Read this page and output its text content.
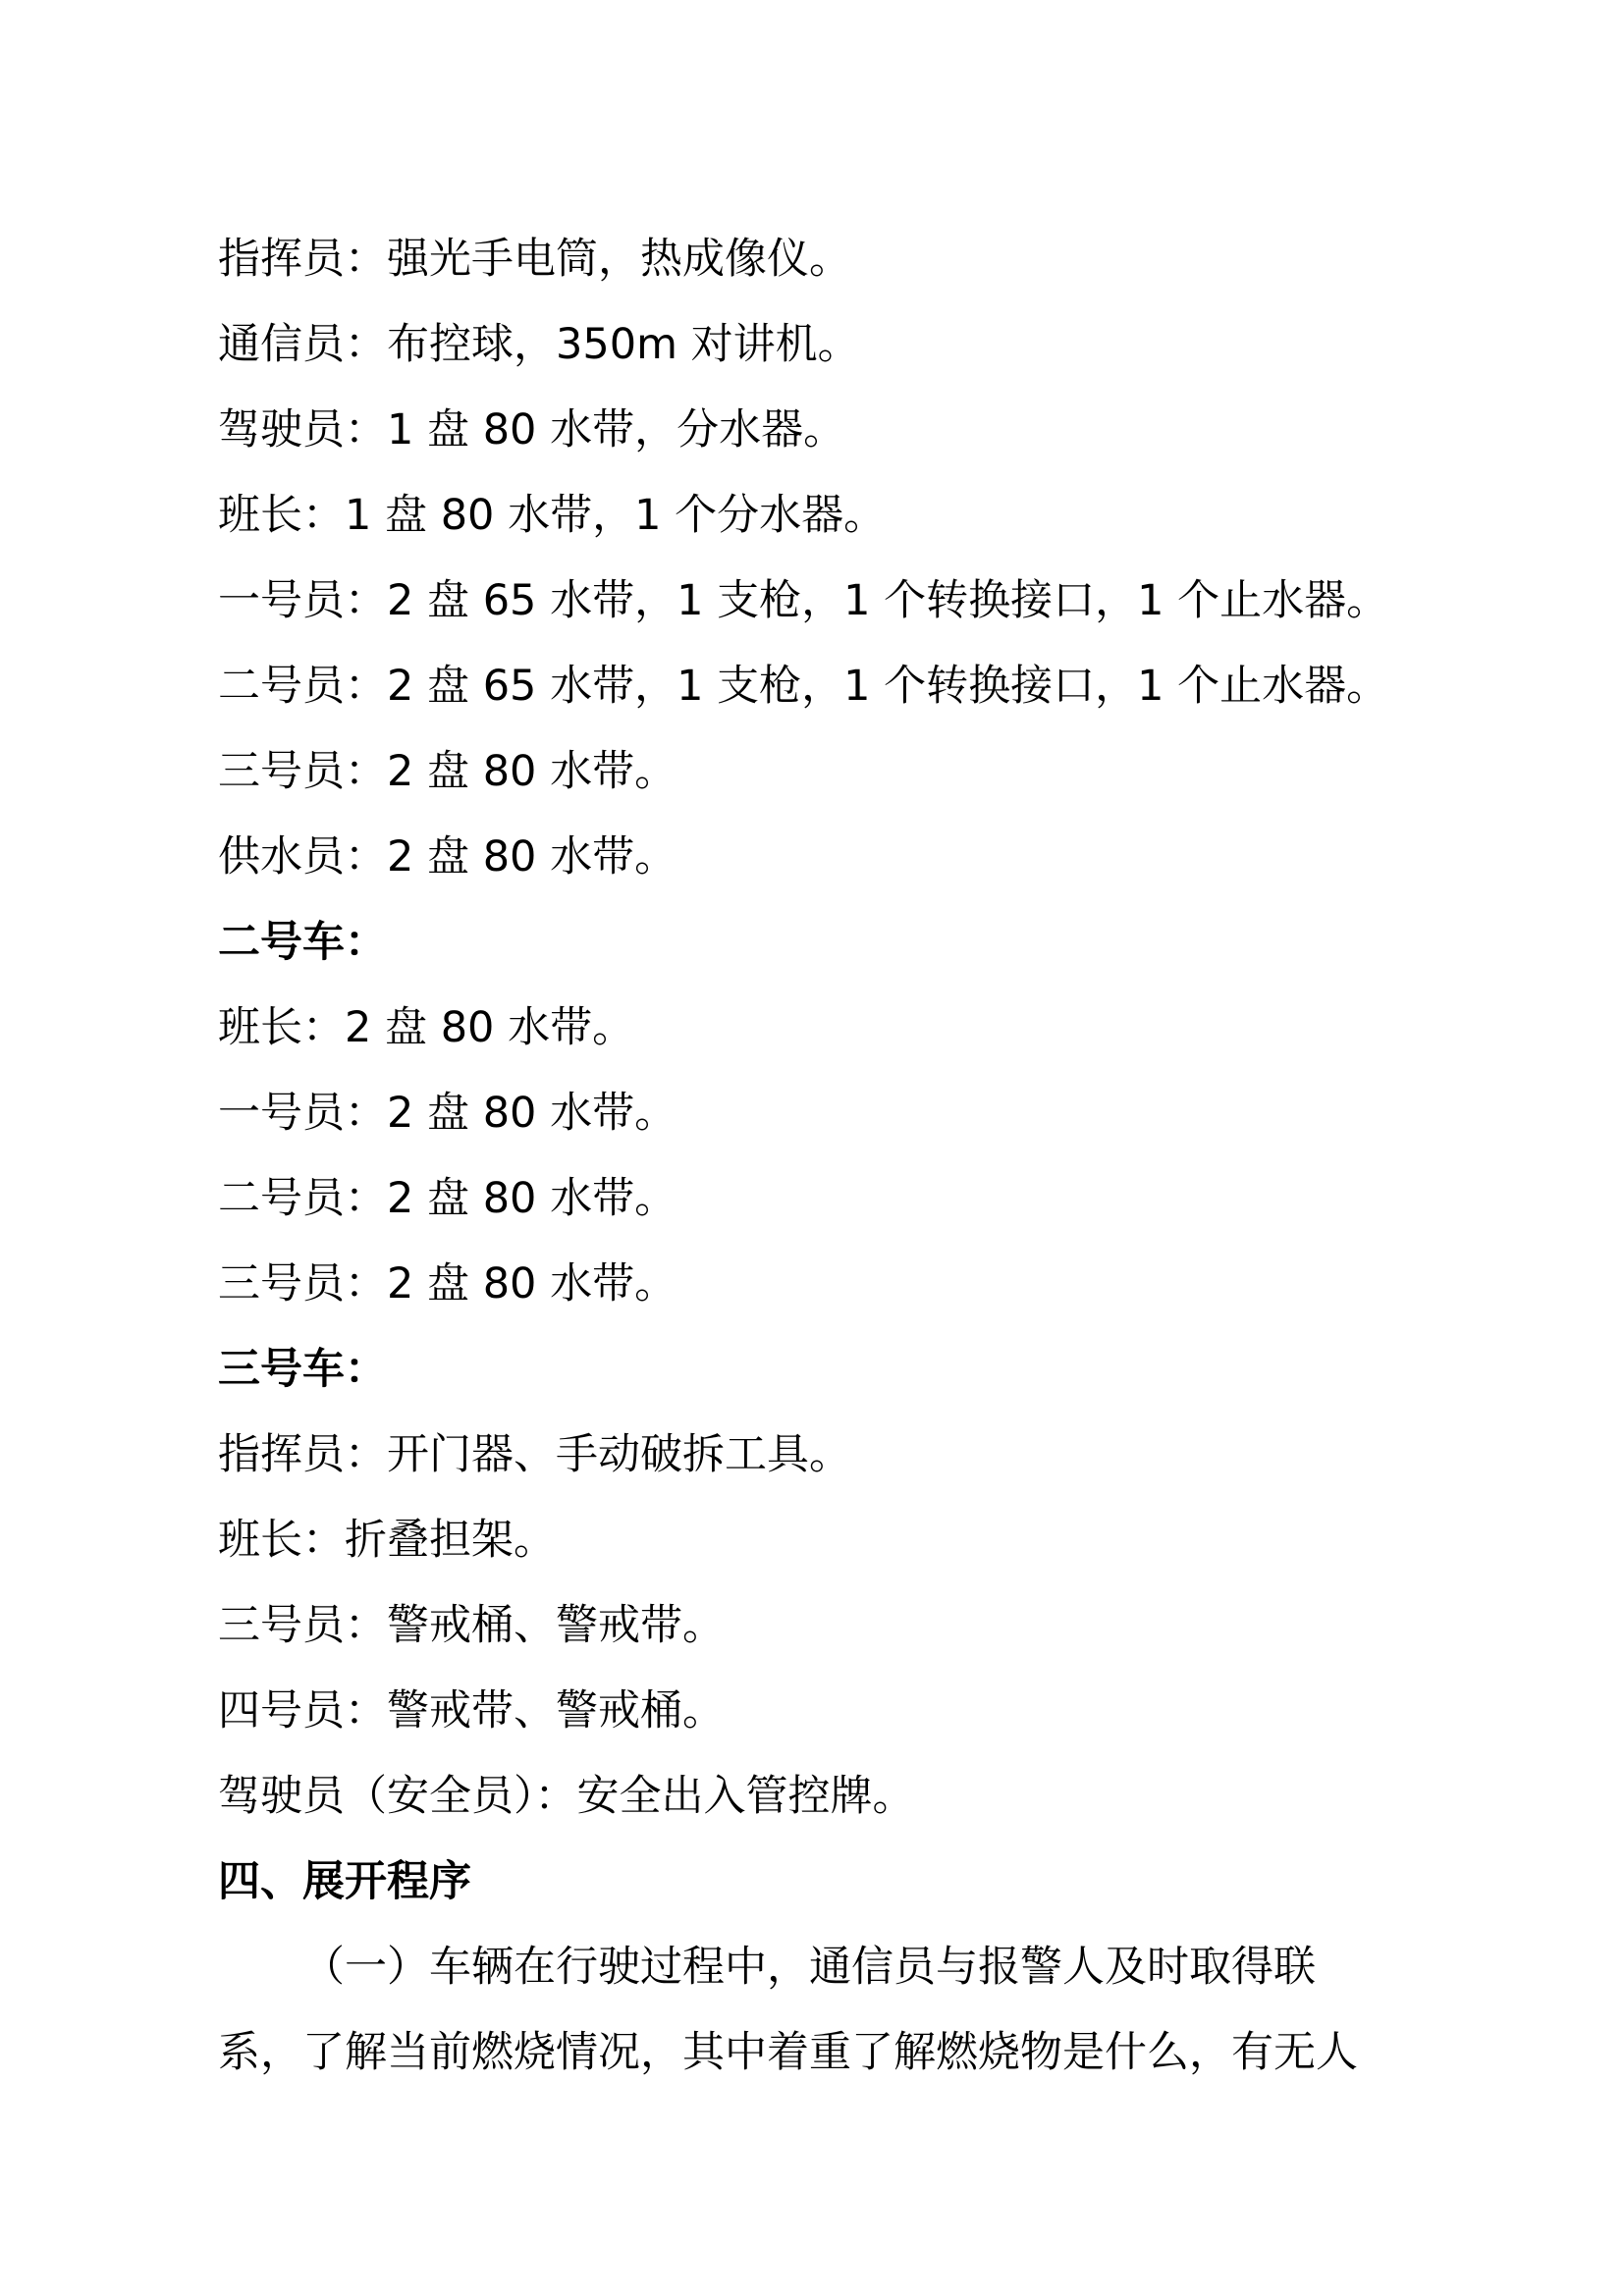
指挥员：强光手电筒，热成像仪。
通信员：布控球，350m 对讲机。
驾驶员：1 盘 80 水带，分水器。
班长：1 盘 80 水带，1 个分水器。
一号员：2 盘 65 水带，1 支枪，1 个转换接口，1 个止水器。
二号员：2 盘 65 水带，1 支枪，1 个转换接口，1 个止水器。
三号员：2 盘 80 水带。
供水员：2 盘 80 水带。
二号车：
班长：2 盘 80 水带。
一号员：2 盘 80 水带。
二号员：2 盘 80 水带。
三号员：2 盘 80 水带。
三号车：
指挥员：开门器、手动破拆工具。
班长：折叠担架。
三号员：警戒桶、警戒带。
四号员：警戒带、警戒桶。
驾驶员（安全员）：安全出入管控牌。
四、展开程序
（一）车辆在行驶过程中，通信员与报警人及时取得联
系，了解当前燃烧情况，其中着重了解燃烧物是什么，有无人
